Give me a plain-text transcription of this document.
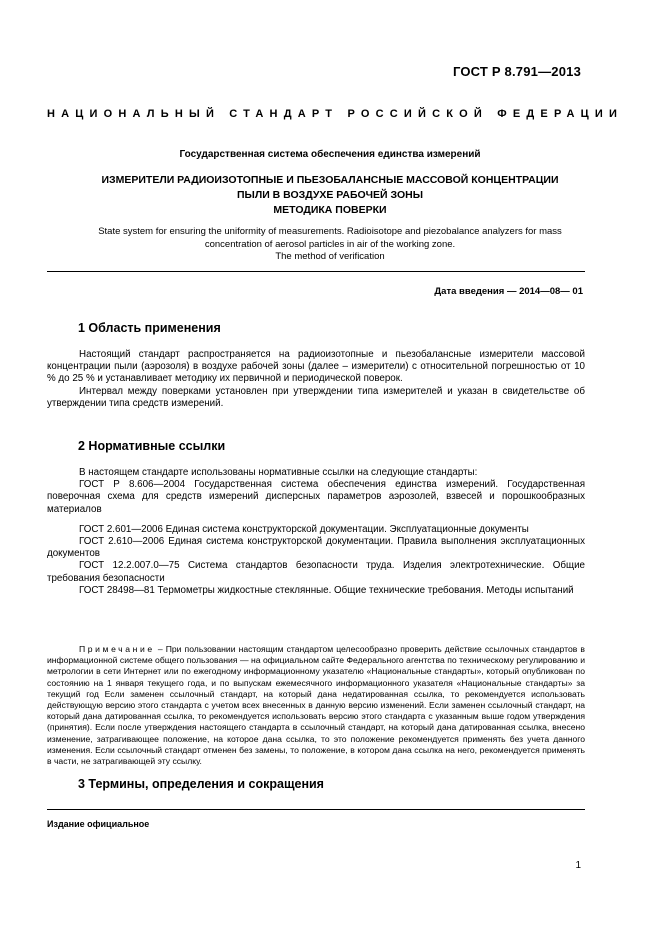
ГОСТ Р 8.791—2013
НАЦИОНАЛЬНЫЙ СТАНДАРТ РОССИЙСКОЙ ФЕДЕРАЦИИ
Государственная система обеспечения единства измерений
ИЗМЕРИТЕЛИ РАДИОИЗОТОПНЫЕ И ПЬЕЗОБАЛАНСНЫЕ МАССОВОЙ КОНЦЕНТРАЦИИ
ПЫЛИ В ВОЗДУХЕ РАБОЧЕЙ ЗОНЫ
МЕТОДИКА ПОВЕРКИ
State system for ensuring the uniformity of measurements. Radioisotope and piezobalance analyzers for mass
concentration of aerosol particles in air of the working zone.
The method of verification
Дата введения — 2014—08— 01
1 Область применения

Настоящий стандарт распространяется на радиоизотопные и пьезобалансные измерители массовой концентрации пыли (аэрозоля) в воздухе рабочей зоны (далее – измерители) с относительной погрешностью от 10 % до 25 % и устанавливает методику их первичной и периодической поверок.

Интервал между поверками установлен при утверждении типа измерителей и указан в свидетельстве об утверждении типа средств измерений.

2 Нормативные ссылки

В настоящем стандарте использованы нормативные ссылки на следующие стандарты:

ГОСТ Р 8.606—2004 Государственная система обеспечения единства измерений. Государственная поверочная схема для средств измерений дисперсных параметров аэрозолей, взвесей и порошкообразных материалов

ГОСТ 2.601—2006 Единая система конструкторской документации. Эксплуатационные документы

ГОСТ 2.610—2006 Единая система конструкторской документации. Правила выполнения эксплуатационных документов

ГОСТ 12.2.007.0—75 Система стандартов безопасности труда. Изделия электротехнические. Общие требования безопасности

ГОСТ 28498—81 Термометры жидкостные стеклянные. Общие технические требования. Методы испытаний

Примечание – При пользовании настоящим стандартом целесообразно проверить действие ссылочных стандартов в информационной системе общего пользования — на официальном сайте Федерального агентства по техническому регулированию и метрологии в сети Интернет или по ежегодному информационному указателю «Национальные стандарты», который опубликован по состоянию на 1 января текущего года, и по выпускам ежемесячного информационного указателя «Национальные стандарты» за текущий год Если заменен ссылочный стандарт, на который дана недатированная ссылка, то рекомендуется использовать действующую версию этого стандарта с учетом всех внесенных в данную версию изменений. Если заменен ссылочный стандарт, на который дана датированная ссылка, то рекомендуется использовать версию этого стандарта с указанным выше годом утверждения (принятия). Если после утверждения настоящего стандарта в ссылочный стандарт, на который дана датированная ссылка, внесено изменение, затрагивающее положение, на которое дана ссылка, то это положение рекомендуется применять без учета данного изменения. Если ссылочный стандарт отменен без замены, то положение, в котором дана ссылка на него, рекомендуется применять в части, не затрагивающей эту ссылку.

3 Термины, определения и сокращения
Издание официальное
1
